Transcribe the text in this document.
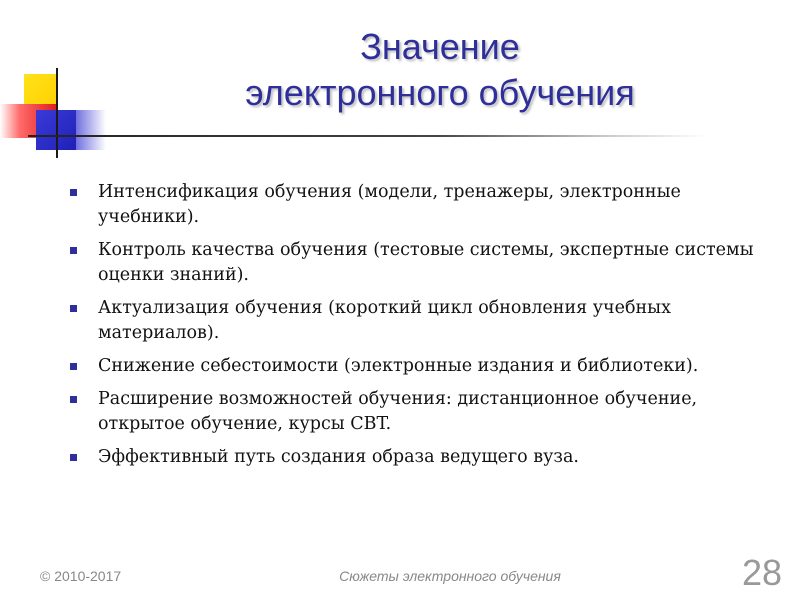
Значение
электронного обучения
Интенсификация обучения (модели, тренажеры, электронные учебники).
Контроль качества обучения (тестовые системы, экспертные системы оценки знаний).
Актуализация обучения (короткий цикл обновления учебных материалов).
Снижение себестоимости (электронные издания и библиотеки).
Расширение возможностей обучения: дистанционное обучение, открытое обучение, курсы CBT.
Эффективный путь создания образа ведущего вуза.
© 2010-2017	Сюжеты электронного обучения	28
